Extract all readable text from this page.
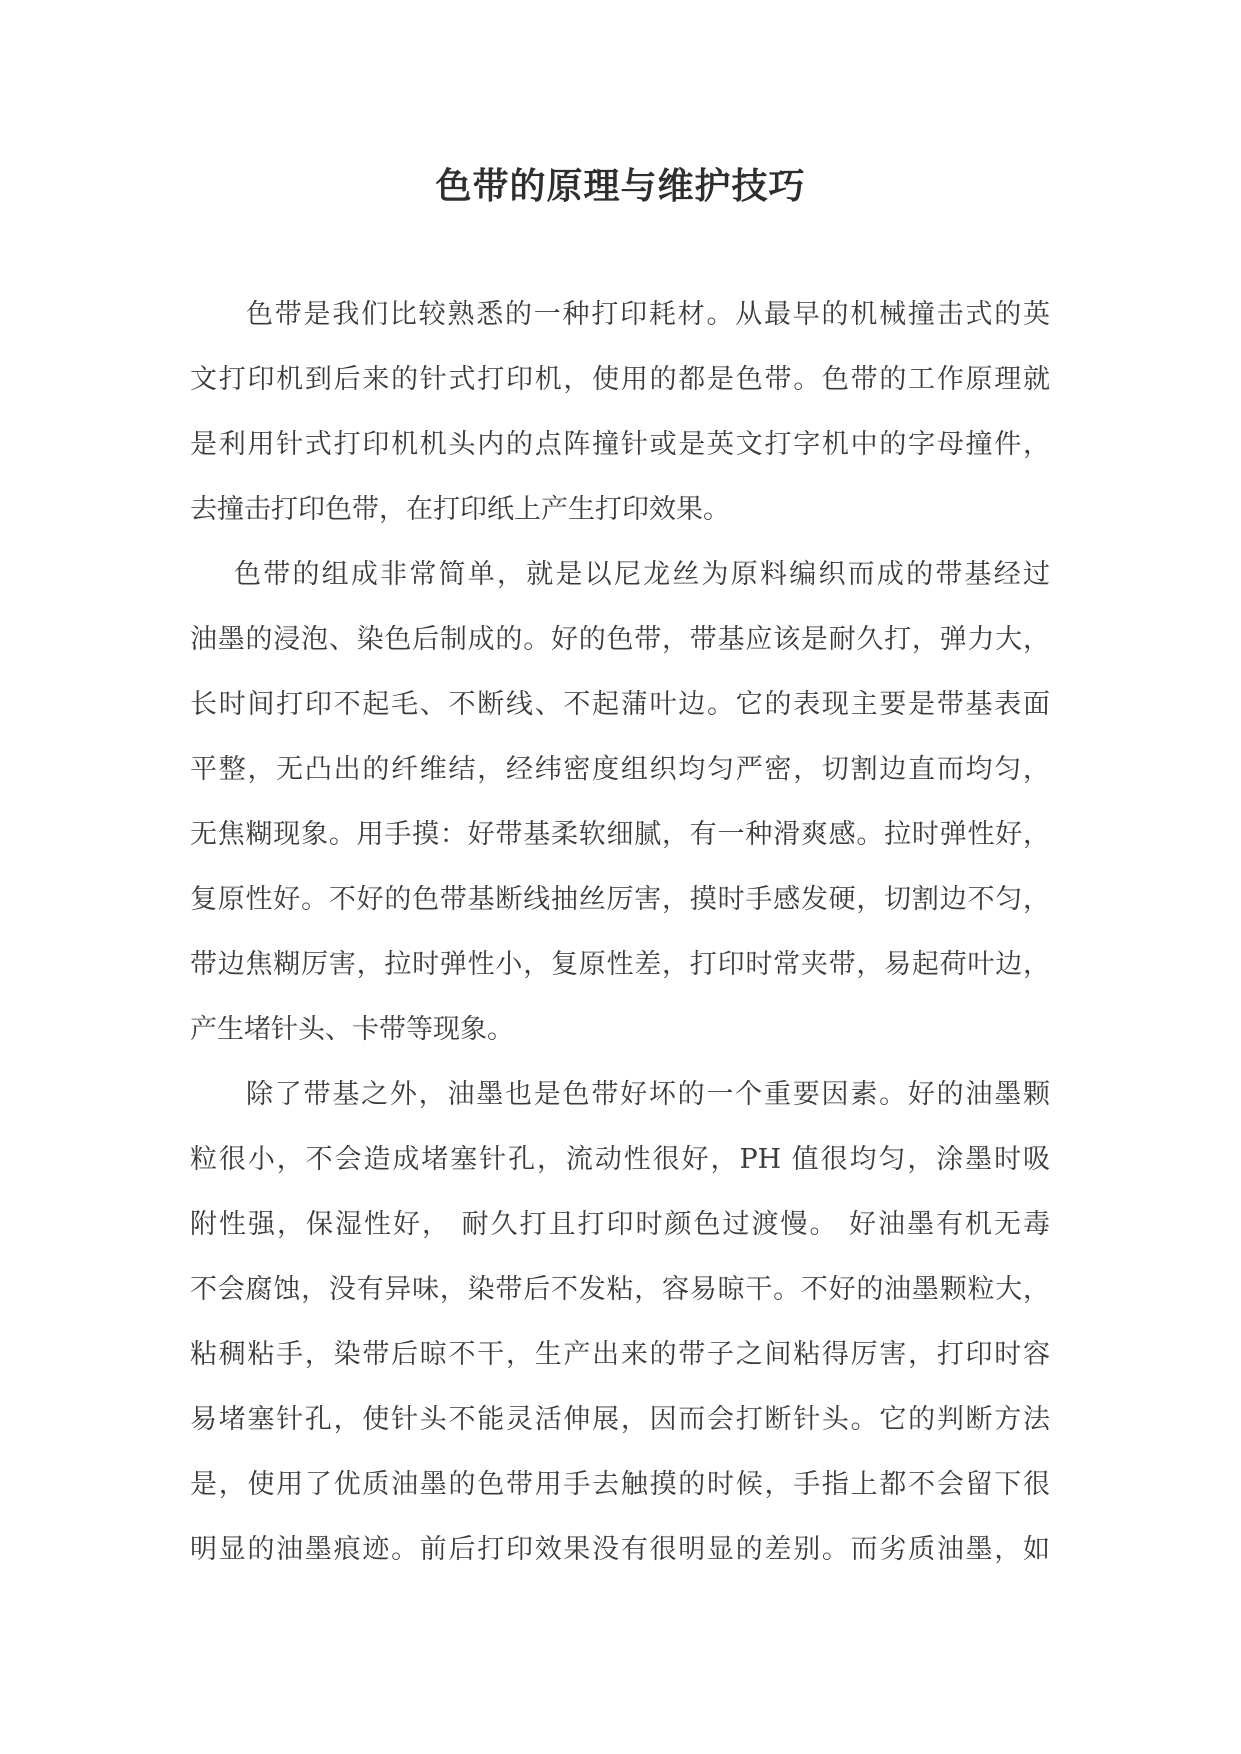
色带的原理与维护技巧
色带是我们比较熟悉的一种打印耗材。从最早的机械撞击式的英
文打印机到后来的针式打印机，使用的都是色带。色带的工作原理就
是利用针式打印机机头内的点阵撞针或是英文打字机中的字母撞件，
去撞击打印色带，在打印纸上产生打印效果。
色带的组成非常简单，就是以尼龙丝为原料编织而成的带基经过
油墨的浸泡、染色后制成的。好的色带，带基应该是耐久打，弹力大，
长时间打印不起毛、不断线、不起蒲叶边。它的表现主要是带基表面
平整，无凸出的纤维结，经纬密度组织均匀严密，切割边直而均匀，
无焦糊现象。用手摸：好带基柔软细腻，有一种滑爽感。拉时弹性好，
复原性好。不好的色带基断线抽丝厉害，摸时手感发硬，切割边不匀，
带边焦糊厉害，拉时弹性小，复原性差，打印时常夹带，易起荷叶边，
产生堵针头、卡带等现象。
除了带基之外，油墨也是色带好坏的一个重要因素。好的油墨颗
粒很小，不会造成堵塞针孔，流动性很好，PH 值很均匀，涂墨时吸
附性强，保湿性好， 耐久打且打印时颜色过渡慢。 好油墨有机无毒
不会腐蚀，没有异味，染带后不发粘，容易晾干。不好的油墨颗粒大，
粘稠粘手，染带后晾不干，生产出来的带子之间粘得厉害，打印时容
易堵塞针孔，使针头不能灵活伸展，因而会打断针头。它的判断方法
是，使用了优质油墨的色带用手去触摸的时候，手指上都不会留下很
明显的油墨痕迹。前后打印效果没有很明显的差别。而劣质油墨，如
